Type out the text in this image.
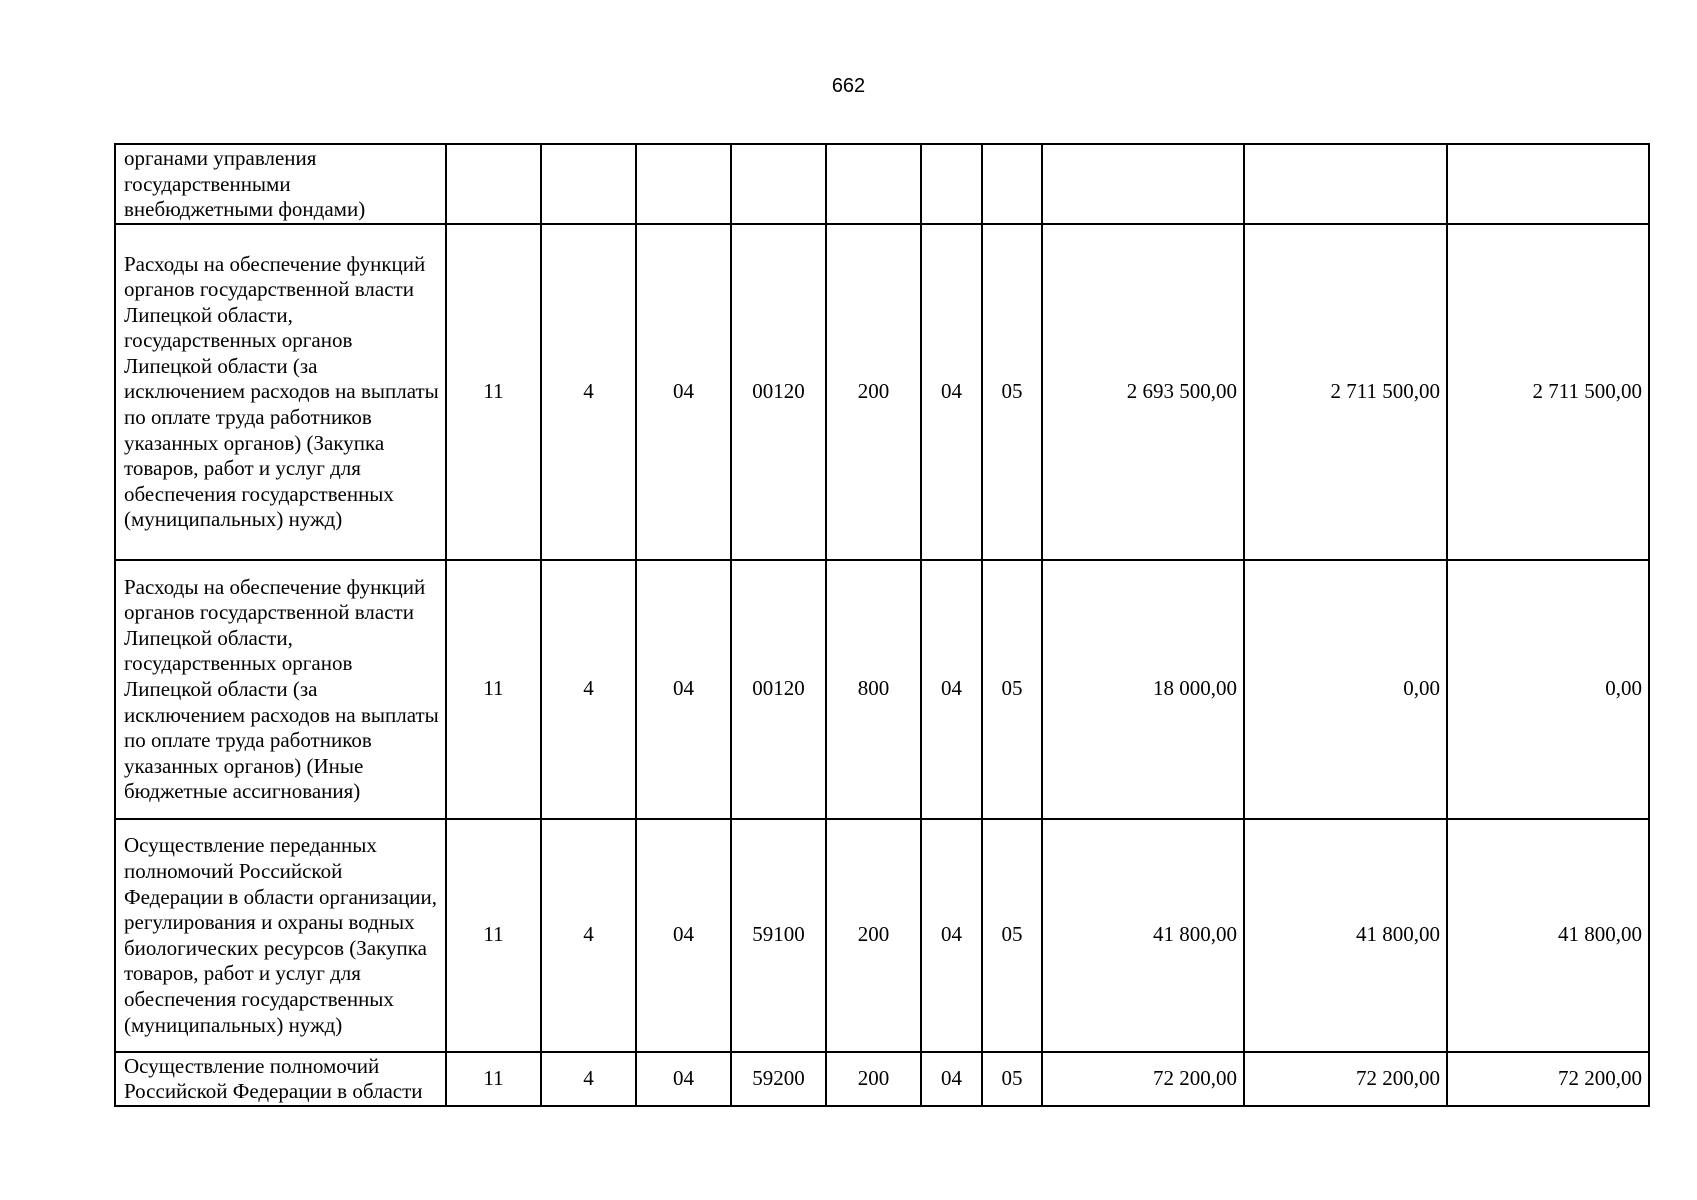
662
органами управления государственными внебюджетными фондами)										
Расходы на обеспечение функций органов государственной власти Липецкой области, государственных органов Липецкой области (за исключением расходов на выплаты по оплате труда работников указанных органов) (Закупка товаров, работ и услуг для обеспечения государственных (муниципальных) нужд)	11	4	04	00120	200	04	05	2 693 500,00	2 711 500,00	2 711 500,00
Расходы на обеспечение функций органов государственной власти Липецкой области, государственных органов Липецкой области (за исключением расходов на выплаты по оплате труда работников указанных органов) (Иные бюджетные ассигнования)	11	4	04	00120	800	04	05	18 000,00	0,00	0,00
Осуществление переданных полномочий Российской Федерации в области организации, регулирования и охраны водных биологических ресурсов (Закупка товаров, работ и услуг для обеспечения государственных (муниципальных) нужд)	11	4	04	59100	200	04	05	41 800,00	41 800,00	41 800,00
Осуществление полномочий Российской Федерации в области	11	4	04	59200	200	04	05	72 200,00	72 200,00	72 200,00
